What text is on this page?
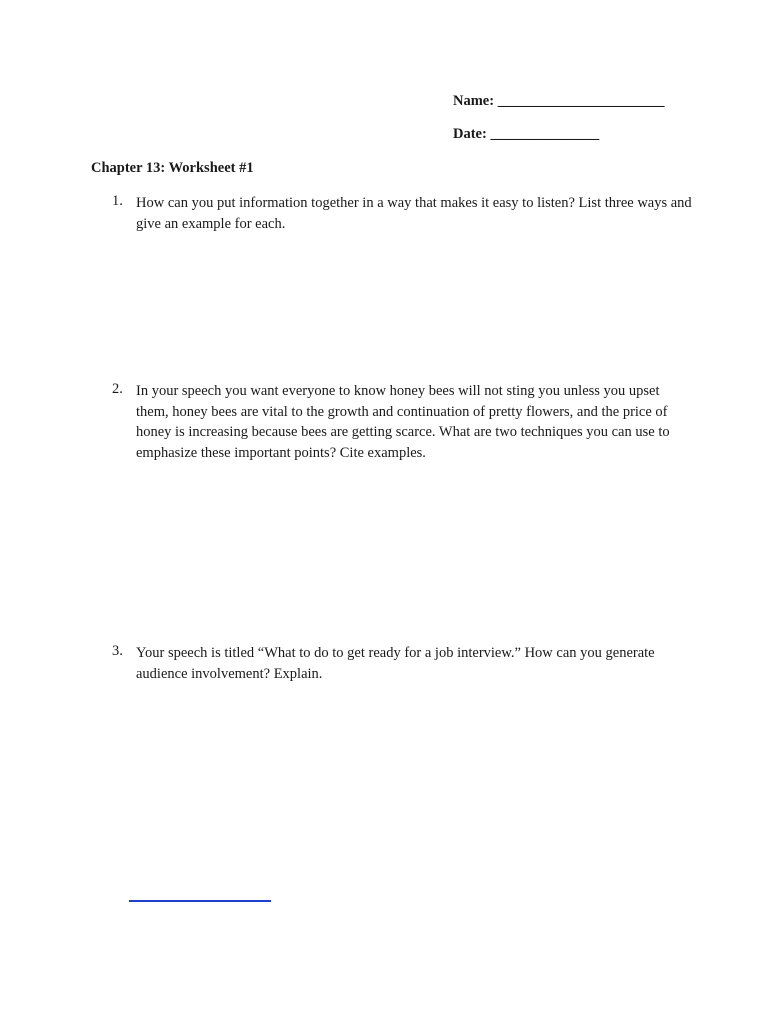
Name: _______________________
Date: _______________
Chapter 13: Worksheet #1
1. How can you put information together in a way that makes it easy to listen? List three ways and give an example for each.
2. In your speech you want everyone to know honey bees will not sting you unless you upset them, honey bees are vital to the growth and continuation of pretty flowers, and the price of honey is increasing because bees are getting scarce. What are two techniques you can use to emphasize these important points? Cite examples.
3. Your speech is titled “What to do to get ready for a job interview.” How can you generate audience involvement? Explain.
